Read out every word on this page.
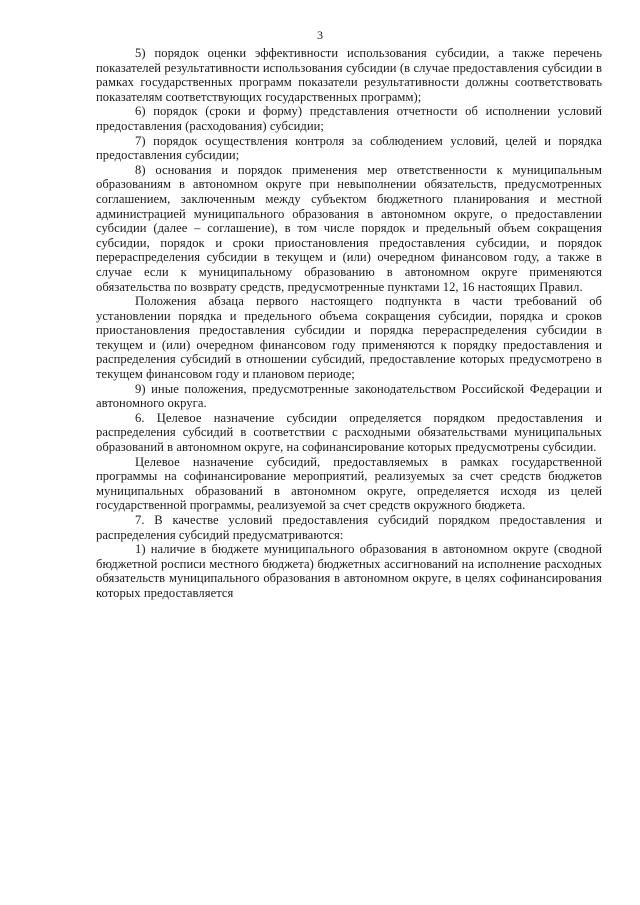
3

5) порядок оценки эффективности использования субсидии, а также перечень показателей результативности использования субсидии (в случае предоставления субсидии в рамках государственных программ показатели результативности должны соответствовать показателям соответствующих государственных программ);

6) порядок (сроки и форму) представления отчетности об исполнении условий предоставления (расходования) субсидии;

7) порядок осуществления контроля за соблюдением условий, целей и порядка предоставления субсидии;

8) основания и порядок применения мер ответственности к муниципальным образованиям в автономном округе при невыполнении обязательств, предусмотренных соглашением, заключенным между субъектом бюджетного планирования и местной администрацией муниципального образования в автономном округе, о предоставлении субсидии (далее – соглашение), в том числе порядок и предельный объем сокращения субсидии, порядок и сроки приостановления предоставления субсидии, и порядок перераспределения субсидии в текущем и (или) очередном финансовом году, а также в случае если к муниципальному образованию в автономном округе применяются обязательства по возврату средств, предусмотренные пунктами 12, 16 настоящих Правил.

Положения абзаца первого настоящего подпункта в части требований об установлении порядка и предельного объема сокращения субсидии, порядка и сроков приостановления предоставления субсидии и порядка перераспределения субсидии в текущем и (или) очередном финансовом году применяются к порядку предоставления и распределения субсидий в отношении субсидий, предоставление которых предусмотрено в текущем финансовом году и плановом периоде;

9) иные положения, предусмотренные законодательством Российской Федерации и автономного округа.

6. Целевое назначение субсидии определяется порядком предоставления и распределения субсидий в соответствии с расходными обязательствами муниципальных образований в автономном округе, на софинансирование которых предусмотрены субсидии.

Целевое назначение субсидий, предоставляемых в рамках государственной программы на софинансирование мероприятий, реализуемых за счет средств бюджетов муниципальных образований в автономном округе, определяется исходя из целей государственной программы, реализуемой за счет средств окружного бюджета.

7. В качестве условий предоставления субсидий порядком предоставления и распределения субсидий предусматриваются:

1) наличие в бюджете муниципального образования в автономном округе (сводной бюджетной росписи местного бюджета) бюджетных ассигнований на исполнение расходных обязательств муниципального образования в автономном округе, в целях софинансирования которых предоставляется
